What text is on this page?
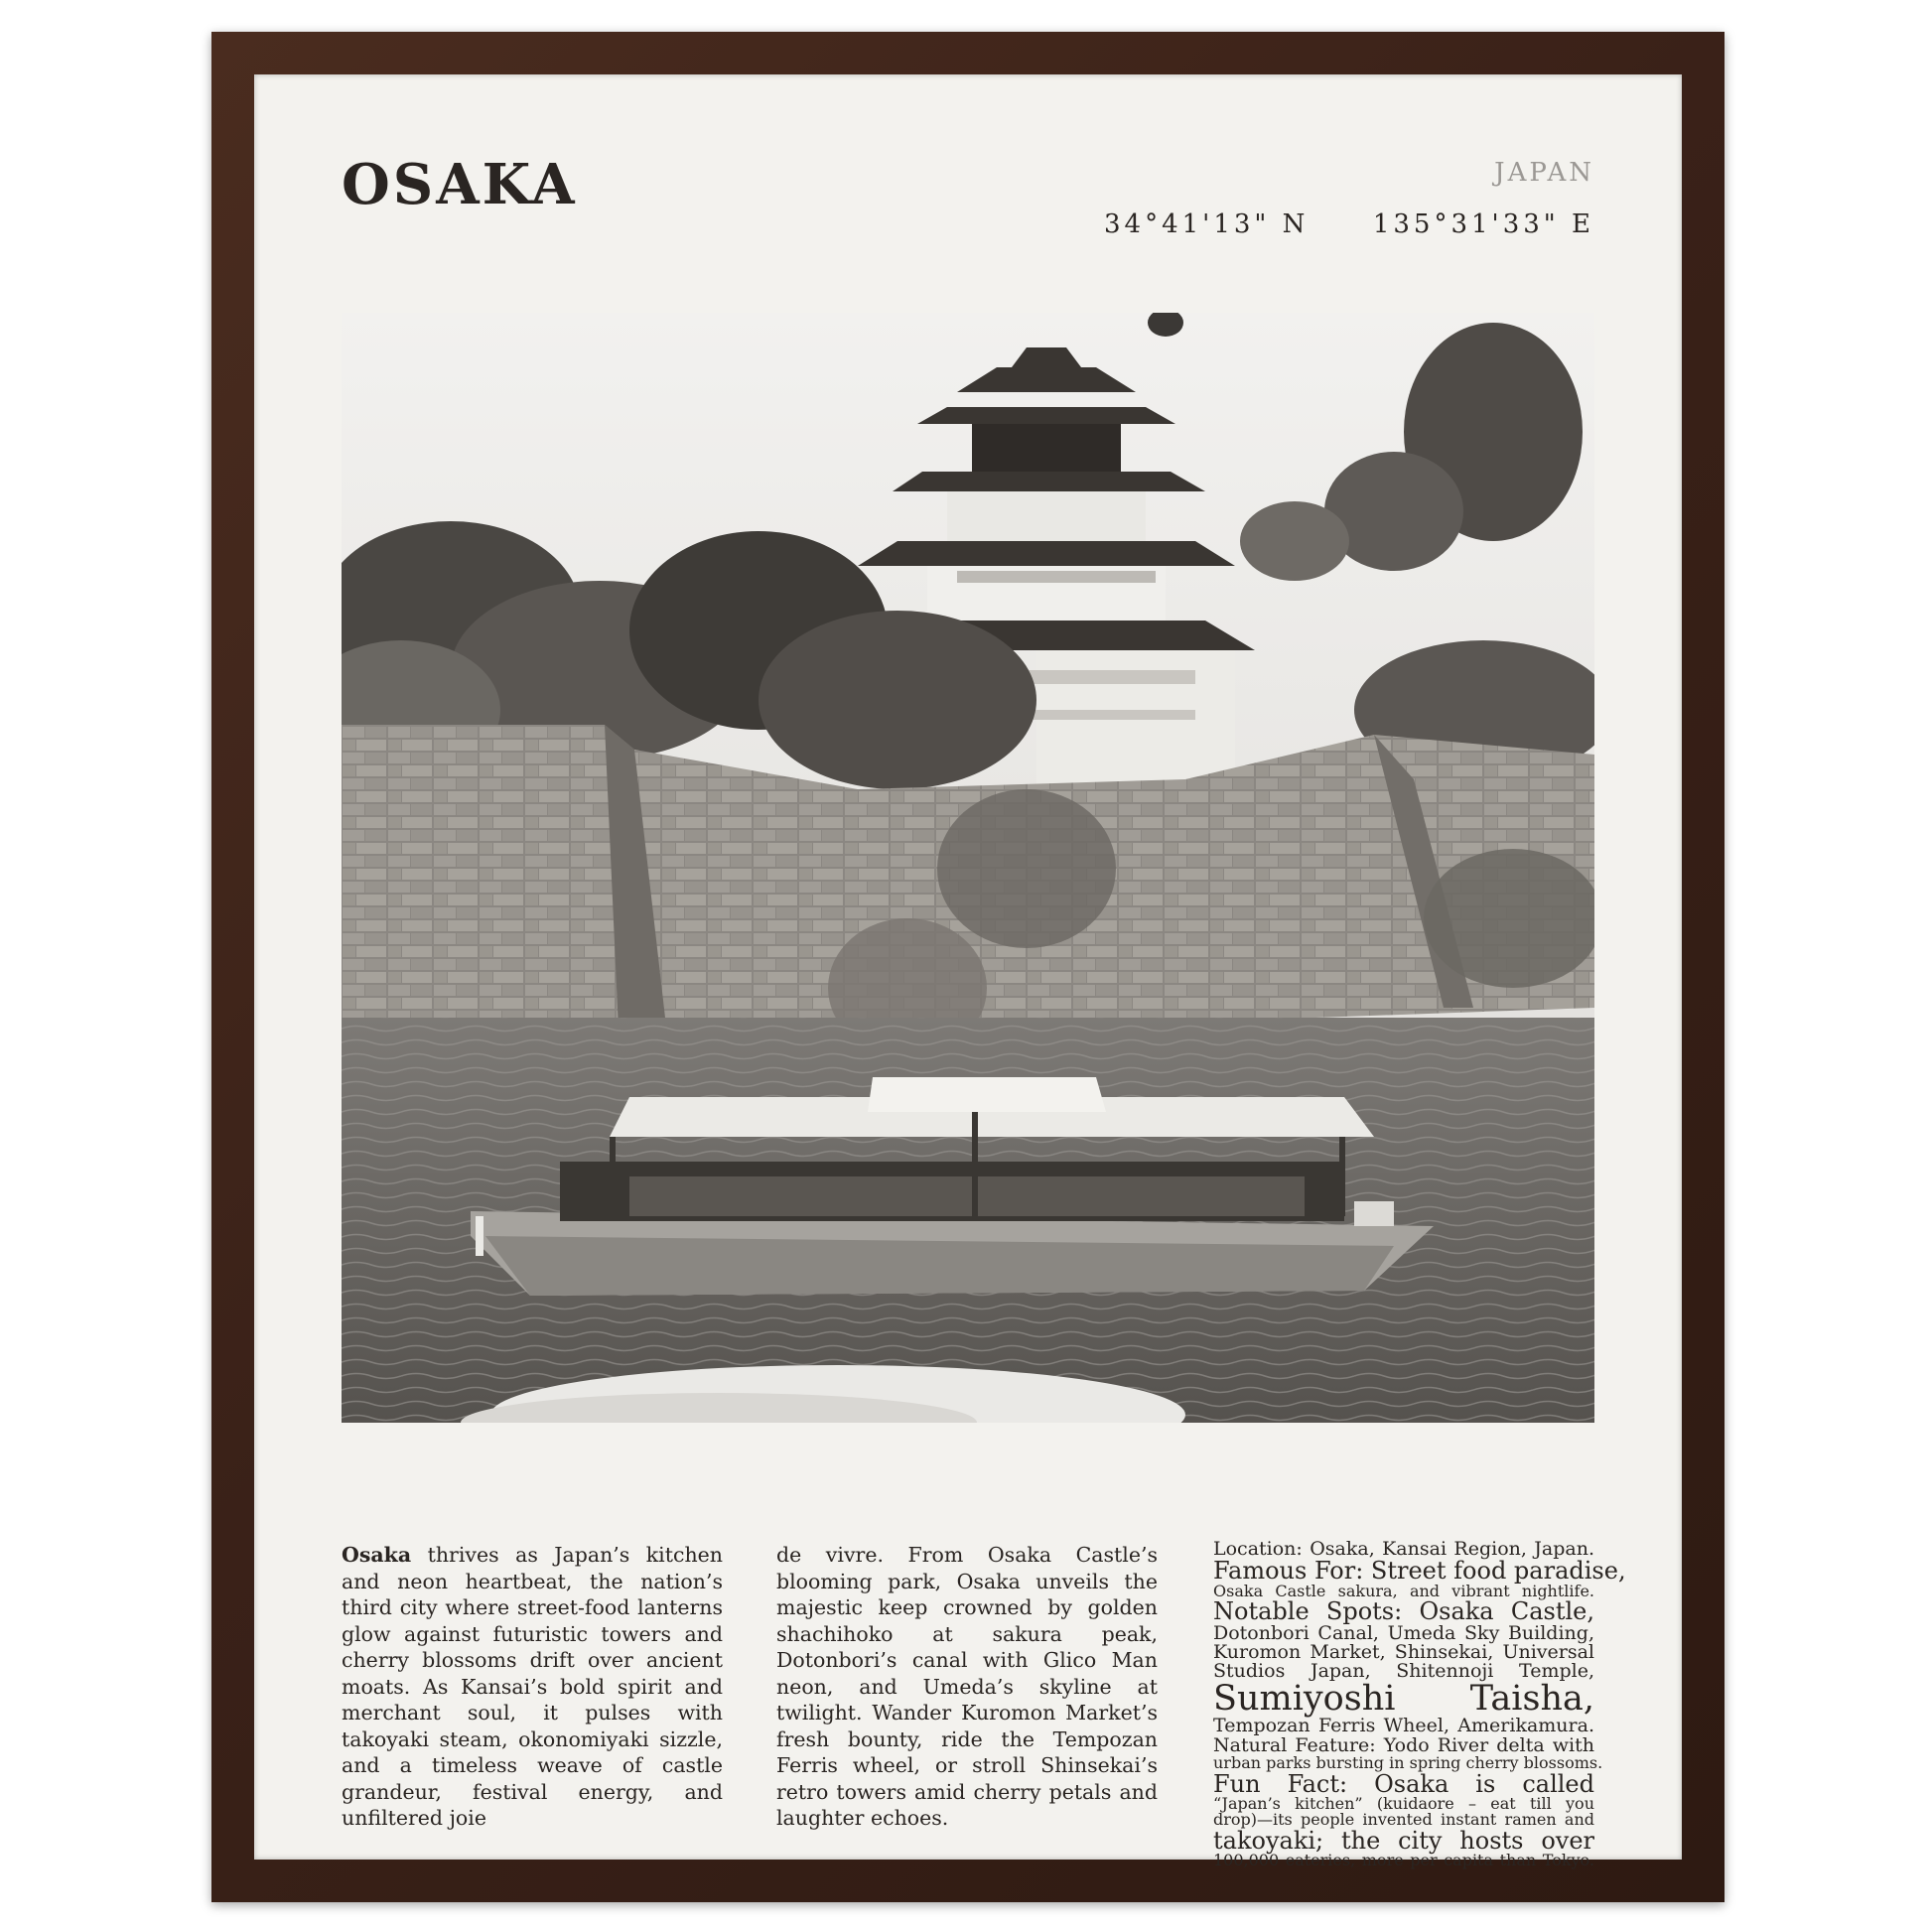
OSAKA	JAPAN
34°41'13" N 135°31'33" E

Osaka thrives as Japan’s kitchen and neon heartbeat, the nation’s third city where street-food lanterns glow against futuristic towers and cherry blossoms drift over ancient moats. As Kansai’s bold spirit and merchant soul, it pulses with takoyaki steam, okonomiyaki sizzle, and a timeless weave of castle grandeur, festival energy, and unfiltered joie

de vivre. From Osaka Castle’s blooming park, Osaka unveils the majestic keep crowned by golden shachihoko at sakura peak, Dotonbori’s canal with Glico Man neon, and Umeda’s skyline at twilight. Wander Kuromon Market’s fresh bounty, ride the Tempozan Ferris wheel, or stroll Shinsekai’s retro towers amid cherry petals and laughter echoes.

Location: Osaka, Kansai Region, Japan.
Famous For: Street food paradise,
Osaka Castle sakura, and vibrant nightlife.
Notable Spots: Osaka Castle,
Dotonbori Canal, Umeda Sky Building,
Kuromon Market, Shinsekai, Universal
Studios Japan, Shitennoji Temple,
Sumiyoshi Taisha,
Tempozan Ferris Wheel, Amerikamura.
Natural Feature: Yodo River delta with
urban parks bursting in spring cherry blossoms.
Fun Fact: Osaka is called
“Japan’s kitchen” (kuidaore – eat till you
drop)—its people invented instant ramen and
takoyaki; the city hosts over
100,000 eateries, more per capita than Tokyo.
